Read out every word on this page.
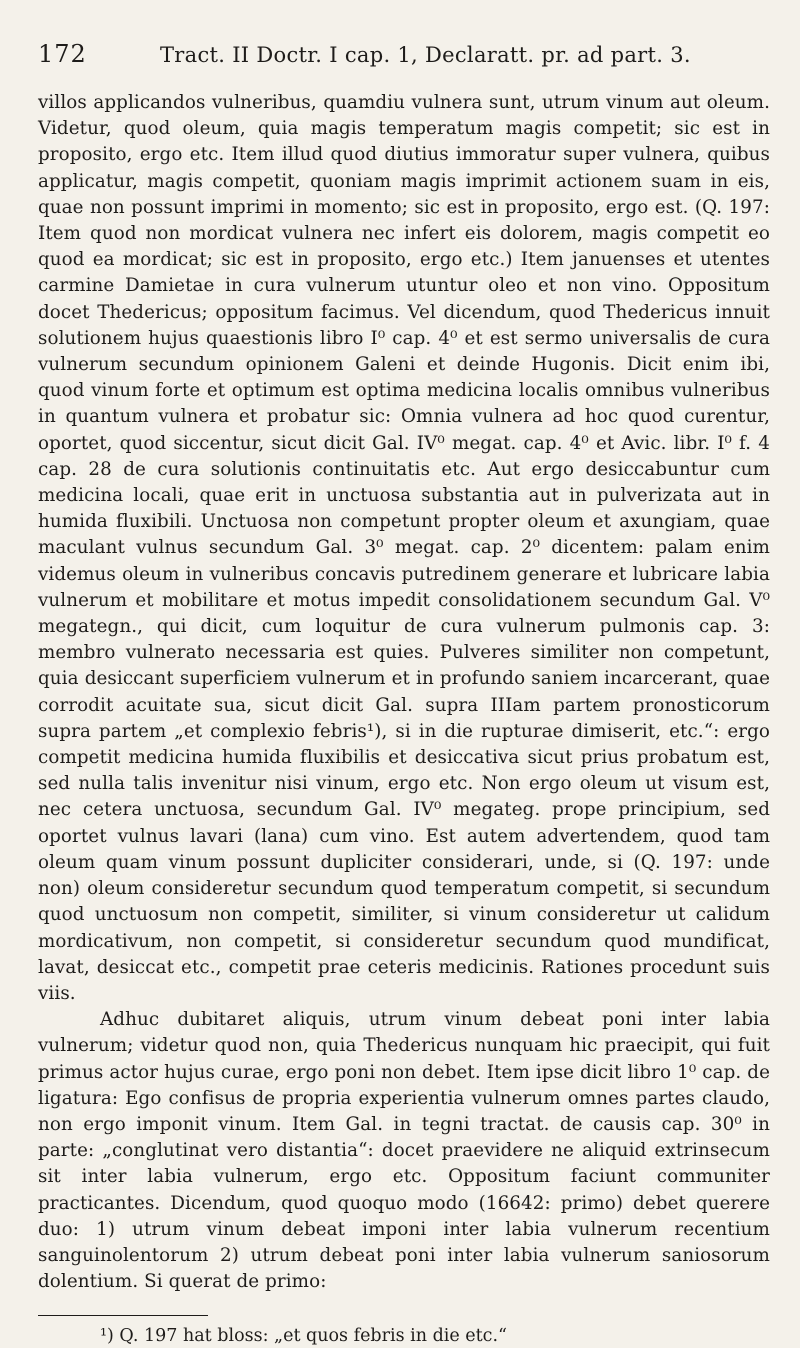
172	Tract. II Doctr. I cap. 1, Declaratt. pr. ad part. 3.

villos applicandos vulneribus, quamdiu vulnera sunt, utrum vinum aut oleum. Videtur, quod oleum, quia magis temperatum magis competit; sic est in proposito, ergo etc. Item illud quod diutius immoratur super vulnera, quibus applicatur, magis competit, quoniam magis imprimit actionem suam in eis, quae non possunt imprimi in momento; sic est in proposito, ergo est. (Q. 197: Item quod non mordicat vulnera nec infert eis dolorem, magis competit eo quod ea mordicat; sic est in proposito, ergo etc.) Item januenses et utentes carmine Damietae in cura vulnerum utuntur oleo et non vino. Oppositum docet Thedericus; oppositum facimus. Vel dicendum, quod Thedericus innuit solutionem hujus quaestionis libro I⁰ cap. 4⁰ et est sermo universalis de cura vulnerum secundum opinionem Galeni et deinde Hugonis. Dicit enim ibi, quod vinum forte et optimum est optima medicina localis omnibus vulneribus in quantum vulnera et probatur sic: Omnia vulnera ad hoc quod curentur, oportet, quod siccentur, sicut dicit Gal. IV⁰ megat. cap. 4⁰ et Avic. libr. I⁰ f. 4 cap. 28 de cura solutionis continuitatis etc. Aut ergo desiccabuntur cum medicina locali, quae erit in unctuosa substantia aut in pulverizata aut in humida fluxibili. Unctuosa non competunt propter oleum et axungiam, quae maculant vulnus secundum Gal. 3⁰ megat. cap. 2⁰ dicentem: palam enim videmus oleum in vulneribus concavis putredinem generare et lubricare labia vulnerum et mobilitare et motus impedit consolidationem secundum Gal. V⁰ megategn., qui dicit, cum loquitur de cura vulnerum pulmonis cap. 3: membro vulnerato necessaria est quies. Pulveres similiter non competunt, quia desiccant superficiem vulnerum et in profundo saniem incarcerant, quae corrodit acuitate sua, sicut dicit Gal. supra IIIam partem pronosticorum supra partem „et complexio febris¹), si in die rupturae dimiserit, etc.“: ergo competit medicina humida fluxibilis et desiccativa sicut prius probatum est, sed nulla talis invenitur nisi vinum, ergo etc. Non ergo oleum ut visum est, nec cetera unctuosa, secundum Gal. IV⁰ megateg. prope principium, sed oportet vulnus lavari (lana) cum vino. Est autem advertendem, quod tam oleum quam vinum possunt dupliciter considerari, unde, si (Q. 197: unde non) oleum consideretur secundum quod temperatum competit, si secundum quod unctuosum non competit, similiter, si vinum consideretur ut calidum mordicativum, non competit, si consideretur secundum quod mundificat, lavat, desiccat etc., competit prae ceteris medicinis. Rationes procedunt suis viis.

Adhuc dubitaret aliquis, utrum vinum debeat poni inter labia vulnerum; videtur quod non, quia Thedericus nunquam hic praecipit, qui fuit primus actor hujus curae, ergo poni non debet. Item ipse dicit libro 1⁰ cap. de ligatura: Ego confisus de propria experientia vulnerum omnes partes claudo, non ergo imponit vinum. Item Gal. in tegni tractat. de causis cap. 30⁰ in parte: „conglutinat vero distantia“: docet praevidere ne aliquid extrinsecum sit inter labia vulnerum, ergo etc. Oppositum faciunt communiter practicantes. Dicendum, quod quoquo modo (16642: primo) debet querere duo: 1) utrum vinum debeat imponi inter labia vulnerum recentium sanguinolentorum 2) utrum debeat poni inter labia vulnerum saniosorum dolentium. Si querat de primo:

¹) Q. 197 hat bloss: „et quos febris in die etc.“
